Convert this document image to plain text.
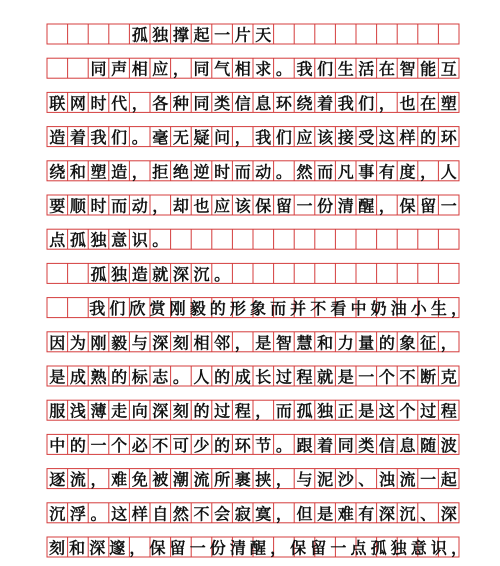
孤 独 撑 起 一 片 天
同 声 相 应 ， 同 气 相 求 。 我 们 生 活 在 智 能 互
联 网 时 代 ， 各 种 同 类 信 息 环 绕 着 我 们 ， 也 在 塑
造 着 我 们 。 毫 无 疑 问 ， 我 们 应 该 接 受 这 样 的 环
绕 和 塑 造 ， 拒 绝 逆 时 而 动 。 然 而 凡 事 有 度 ， 人
要 顺 时 而 动 ， 却 也 应 该 保 留 一 份 清 醒 ， 保 留 一
点 孤 独 意 识 。
孤 独 造 就 深 沉 。
我 们 欣 赏 刚 毅 的 形 象 而 并 不 看 中 奶 油 小 生 ，
因 为 刚 毅 与 深 刻 相 邻 ， 是 智 慧 和 力 量 的 象 征 ，
是 成 熟 的 标 志 。 人 的 成 长 过 程 就 是 一 个 不 断 克
服 浅 薄 走 向 深 刻 的 过 程 ， 而 孤 独 正 是 这 个 过 程
中 的 一 个 必 不 可 少 的 环 节 。 跟 着 同 类 信 息 随 波
逐 流 ， 难 免 被 潮 流 所 裹 挟 ， 与 泥 沙 、 浊 流 一 起
沉 浮 。 这 样 自 然 不 会 寂 寞 ， 但 是 难 有 深 沉 、 深
刻 和 深 邃 ， 保 留 一 份 清 醒 ， 保 留 一 点 孤 独 意 识 ，
